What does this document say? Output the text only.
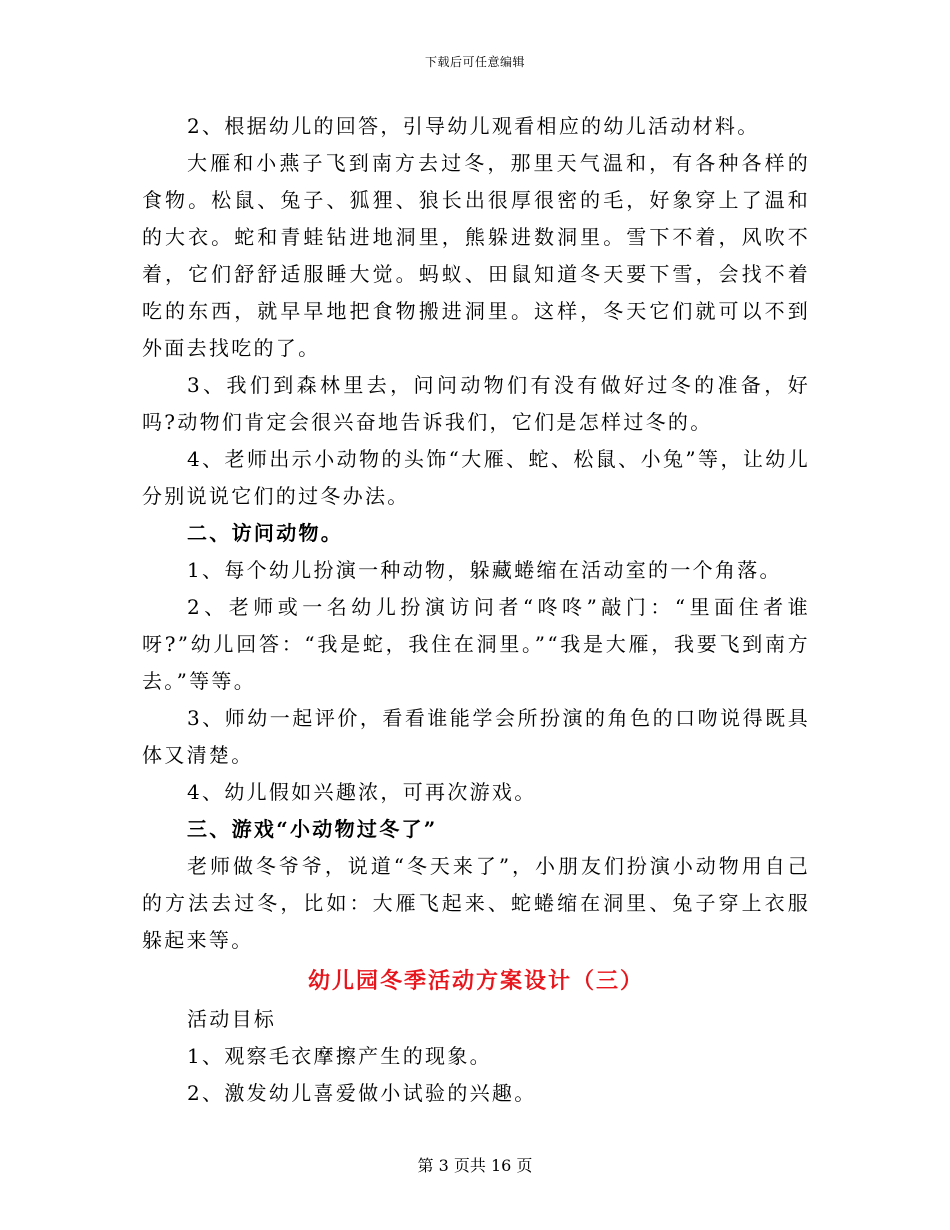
下载后可任意编辑

2、根据幼儿的回答，引导幼儿观看相应的幼儿活动材料。

大雁和小燕子飞到南方去过冬，那里天气温和，有各种各样的食物。松鼠、兔子、狐狸、狼长出很厚很密的毛，好象穿上了温和的大衣。蛇和青蛙钻进地洞里，熊躲进数洞里。雪下不着，风吹不着，它们舒舒适服睡大觉。蚂蚁、田鼠知道冬天要下雪，会找不着吃的东西，就早早地把食物搬进洞里。这样，冬天它们就可以不到外面去找吃的了。

3、我们到森林里去，问问动物们有没有做好过冬的准备，好吗?动物们肯定会很兴奋地告诉我们，它们是怎样过冬的。

4、老师出示小动物的头饰“大雁、蛇、松鼠、小兔”等，让幼儿分别说说它们的过冬办法。

二、访问动物。

1、每个幼儿扮演一种动物，躲藏蜷缩在活动室的一个角落。

2、老师或一名幼儿扮演访问者“咚咚”敲门：“里面住者谁呀?”幼儿回答：“我是蛇，我住在洞里。”“我是大雁，我要飞到南方去。”等等。

3、师幼一起评价，看看谁能学会所扮演的角色的口吻说得既具体又清楚。

4、幼儿假如兴趣浓，可再次游戏。

三、游戏“小动物过冬了”

老师做冬爷爷，说道“冬天来了”，小朋友们扮演小动物用自己的方法去过冬，比如：大雁飞起来、蛇蜷缩在洞里、兔子穿上衣服躲起来等。

幼儿园冬季活动方案设计（三）

活动目标

1、观察毛衣摩擦产生的现象。

2、激发幼儿喜爱做小试验的兴趣。

第 3 页共 16 页
